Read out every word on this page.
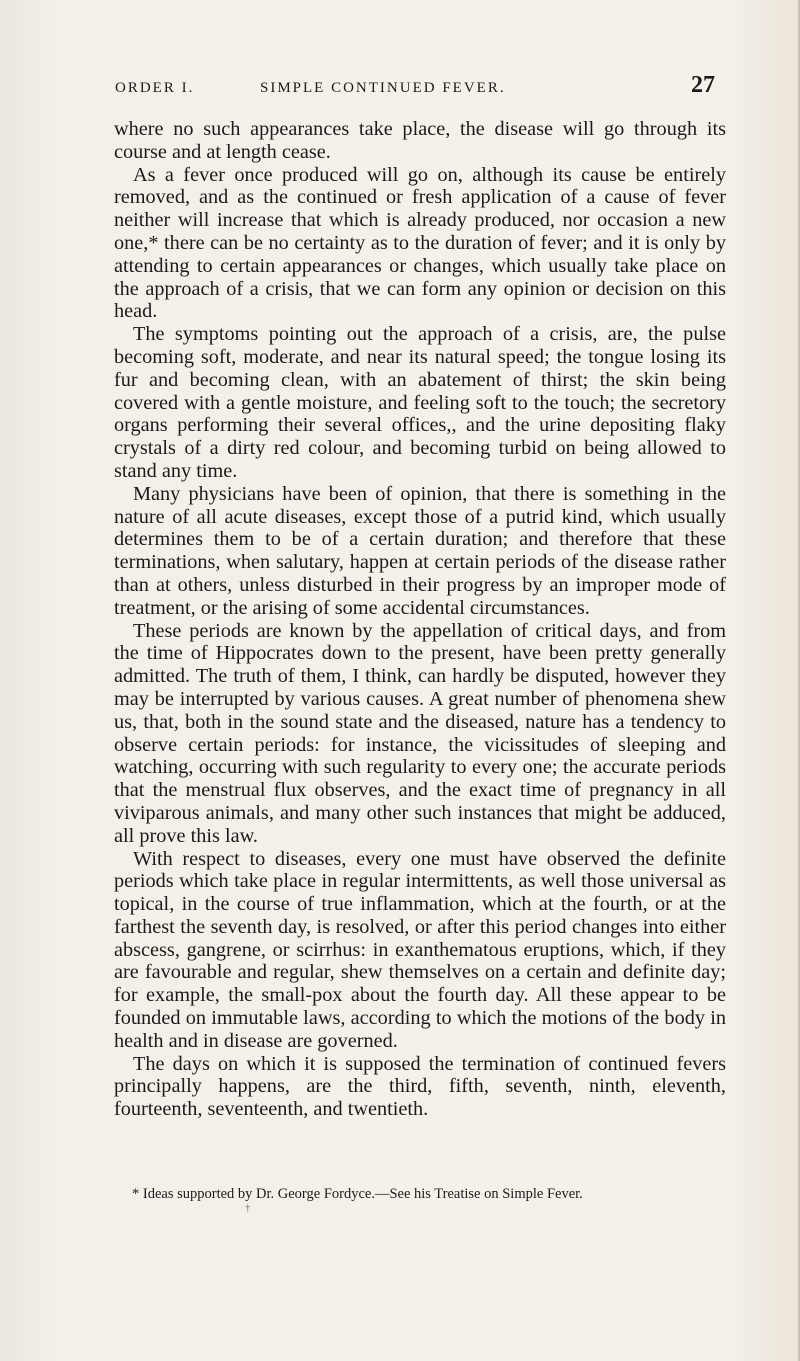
ORDER I.	SIMPLE CONTINUED FEVER.	27

where no such appearances take place, the disease will go through its course and at length cease.

As a fever once produced will go on, although its cause be entirely removed, and as the continued or fresh application of a cause of fever neither will increase that which is already produced, nor occasion a new one,* there can be no certainty as to the duration of fever; and it is only by attending to certain appearances or changes, which usually take place on the approach of a crisis, that we can form any opinion or decision on this head.

The symptoms pointing out the approach of a crisis, are, the pulse becoming soft, moderate, and near its natural speed; the tongue losing its fur and becoming clean, with an abatement of thirst; the skin being covered with a gentle moisture, and feeling soft to the touch; the secretory organs performing their several offices,, and the urine depositing flaky crystals of a dirty red colour, and becoming turbid on being allowed to stand any time.

Many physicians have been of opinion, that there is something in the nature of all acute diseases, except those of a putrid kind, which usually determines them to be of a certain duration; and therefore that these terminations, when salutary, happen at certain periods of the disease rather than at others, unless disturbed in their progress by an improper mode of treatment, or the arising of some accidental circumstances.

These periods are known by the appellation of critical days, and from the time of Hippocrates down to the present, have been pretty generally admitted. The truth of them, I think, can hardly be disputed, however they may be interrupted by various causes. A great number of phenomena shew us, that, both in the sound state and the diseased, nature has a tendency to observe certain periods: for instance, the vicissitudes of sleeping and watching, occurring with such regularity to every one; the accurate periods that the menstrual flux observes, and the exact time of pregnancy in all viviparous animals, and many other such instances that might be adduced, all prove this law.

With respect to diseases, every one must have observed the definite periods which take place in regular intermittents, as well those universal as topical, in the course of true inflammation, which at the fourth, or at the farthest the seventh day, is resolved, or after this period changes into either abscess, gangrene, or scirrhus: in exanthematous eruptions, which, if they are favourable and regular, shew themselves on a certain and definite day; for example, the small-pox about the fourth day. All these appear to be founded on immutable laws, according to which the motions of the body in health and in disease are governed.

The days on which it is supposed the termination of continued fevers principally happens, are the third, fifth, seventh, ninth, eleventh, fourteenth, seventeenth, and twentieth.

* Ideas supported by Dr. George Fordyce.—See his Treatise on Simple Fever.
†
